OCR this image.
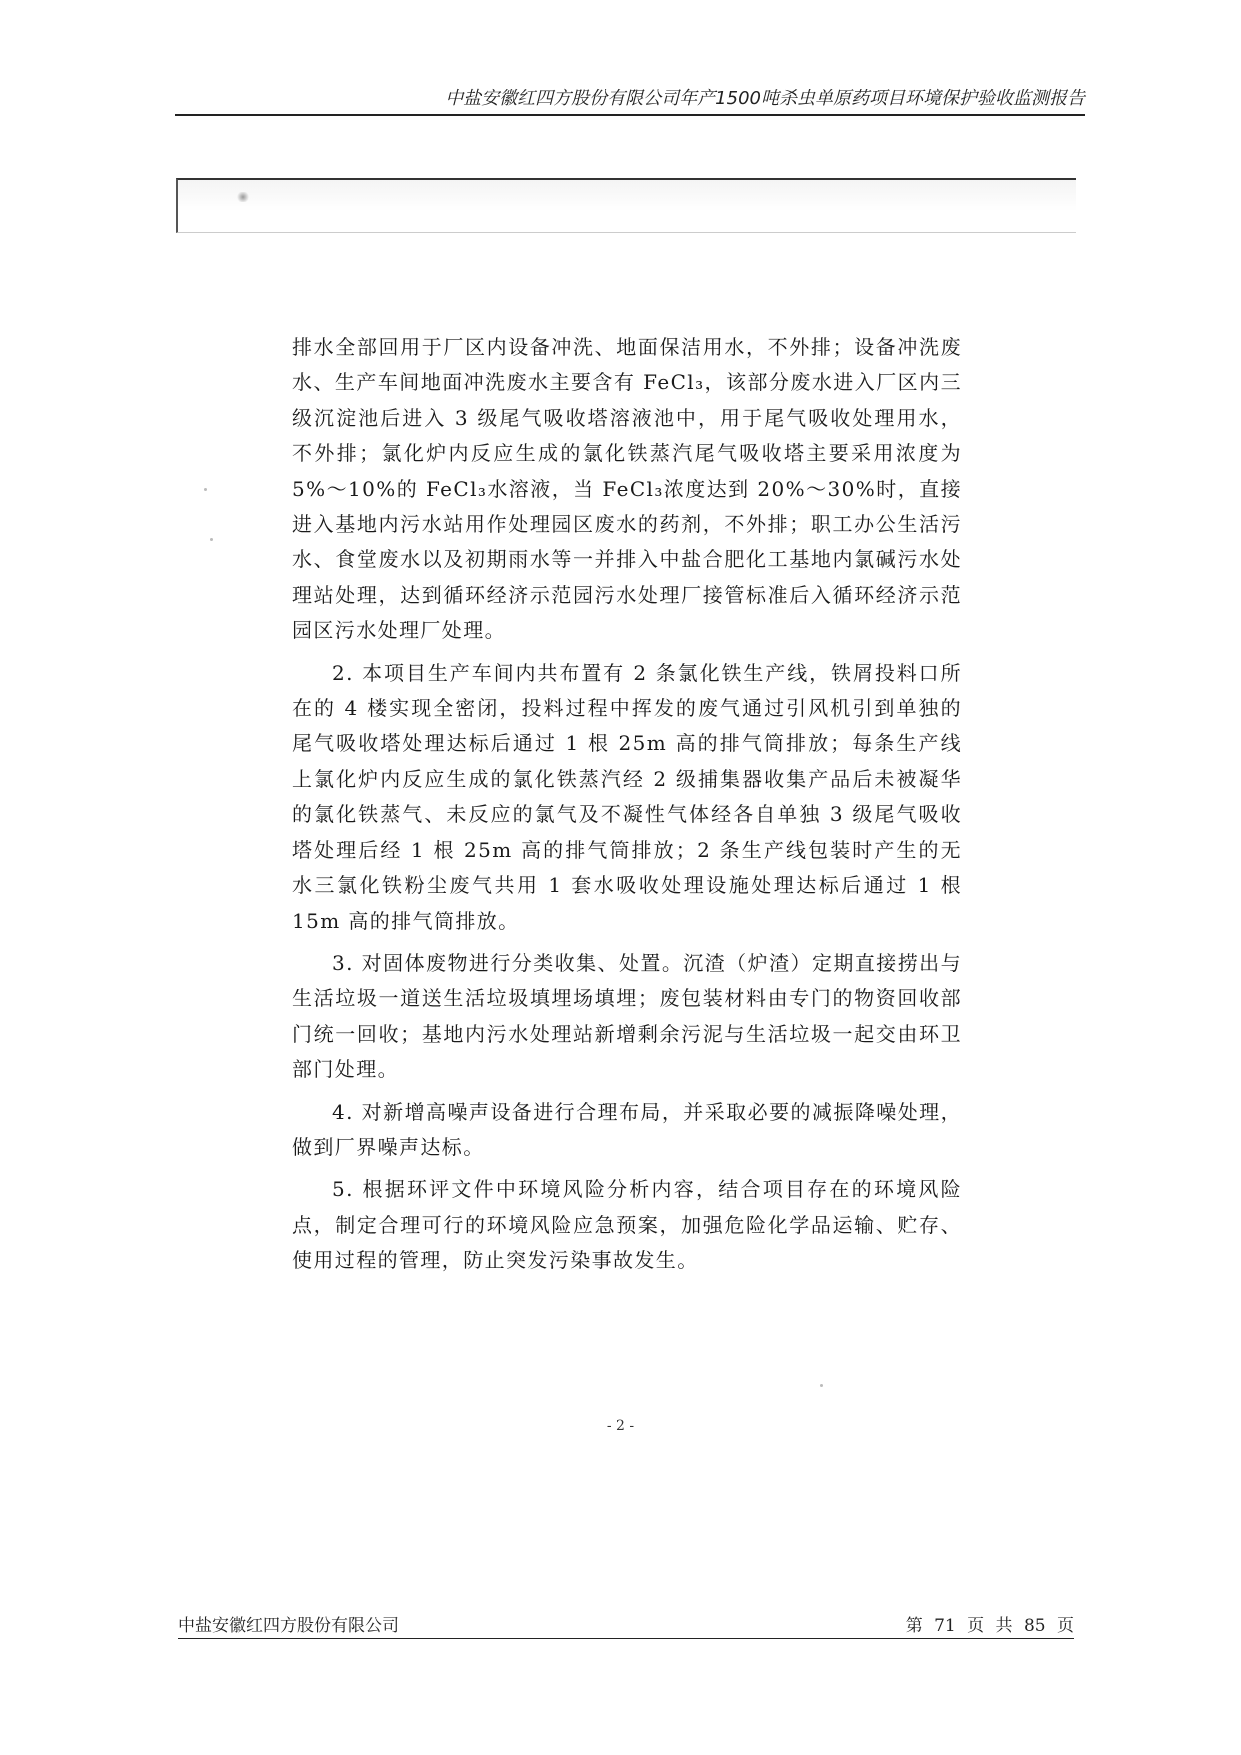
中盐安徽红四方股份有限公司年产1500吨杀虫单原药项目环境保护验收监测报告

排水全部回用于厂区内设备冲洗、地面保洁用水，不外排；设备冲洗废水、生产车间地面冲洗废水主要含有 FeCl₃，该部分废水进入厂区内三级沉淀池后进入 3 级尾气吸收塔溶液池中，用于尾气吸收处理用水，不外排；氯化炉内反应生成的氯化铁蒸汽尾气吸收塔主要采用浓度为 5%～10%的 FeCl₃水溶液，当 FeCl₃浓度达到 20%～30%时，直接进入基地内污水站用作处理园区废水的药剂，不外排；职工办公生活污水、食堂废水以及初期雨水等一并排入中盐合肥化工基地内氯碱污水处理站处理，达到循环经济示范园污水处理厂接管标准后入循环经济示范园区污水处理厂处理。

2. 本项目生产车间内共布置有 2 条氯化铁生产线，铁屑投料口所在的 4 楼实现全密闭，投料过程中挥发的废气通过引风机引到单独的尾气吸收塔处理达标后通过 1 根 25m 高的排气筒排放；每条生产线上氯化炉内反应生成的氯化铁蒸汽经 2 级捕集器收集产品后未被凝华的氯化铁蒸气、未反应的氯气及不凝性气体经各自单独 3 级尾气吸收塔处理后经 1 根 25m 高的排气筒排放；2 条生产线包装时产生的无水三氯化铁粉尘废气共用 1 套水吸收处理设施处理达标后通过 1 根 15m 高的排气筒排放。

3. 对固体废物进行分类收集、处置。沉渣（炉渣）定期直接捞出与生活垃圾一道送生活垃圾填埋场填埋；废包装材料由专门的物资回收部门统一回收；基地内污水处理站新增剩余污泥与生活垃圾一起交由环卫部门处理。

4. 对新增高噪声设备进行合理布局，并采取必要的减振降噪处理，做到厂界噪声达标。

5. 根据环评文件中环境风险分析内容，结合项目存在的环境风险点，制定合理可行的环境风险应急预案，加强危险化学品运输、贮存、使用过程的管理，防止突发污染事故发生。

- 2 -
中盐安徽红四方股份有限公司	第 71 页 共 85 页
